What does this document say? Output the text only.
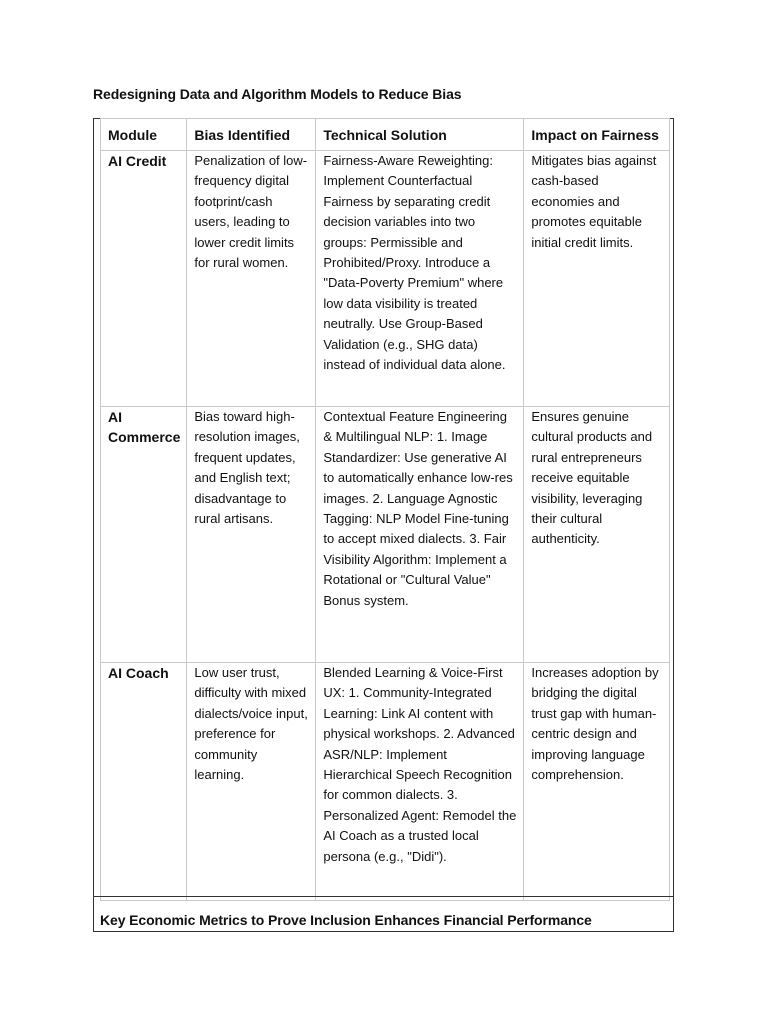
Redesigning Data and Algorithm Models to Reduce Bias
Module	Bias Identified	Technical Solution	Impact on Fairness
AI Credit	Penalization of low-frequency digital footprint/cash users, leading to lower credit limits for rural women.	Fairness-Aware Reweighting: Implement Counterfactual Fairness by separating credit decision variables into two groups: Permissible and Prohibited/Proxy. Introduce a "Data-Poverty Premium" where low data visibility is treated neutrally. Use Group-Based Validation (e.g., SHG data) instead of individual data alone.	Mitigates bias against cash-based economies and promotes equitable initial credit limits.
AI Commerce	Bias toward high-resolution images, frequent updates, and English text; disadvantage to rural artisans.	Contextual Feature Engineering & Multilingual NLP: 1. Image Standardizer: Use generative AI to automatically enhance low-res images. 2. Language Agnostic Tagging: NLP Model Fine-tuning to accept mixed dialects. 3. Fair Visibility Algorithm: Implement a Rotational or "Cultural Value" Bonus system.	Ensures genuine cultural products and rural entrepreneurs receive equitable visibility, leveraging their cultural authenticity.
AI Coach	Low user trust, difficulty with mixed dialects/voice input, preference for community learning.	Blended Learning & Voice-First UX: 1. Community-Integrated Learning: Link AI content with physical workshops. 2. Advanced ASR/NLP: Implement Hierarchical Speech Recognition for common dialects. 3. Personalized Agent: Remodel the AI Coach as a trusted local persona (e.g., "Didi").	Increases adoption by bridging the digital trust gap with human-centric design and improving language comprehension.
Key Economic Metrics to Prove Inclusion Enhances Financial Performance
